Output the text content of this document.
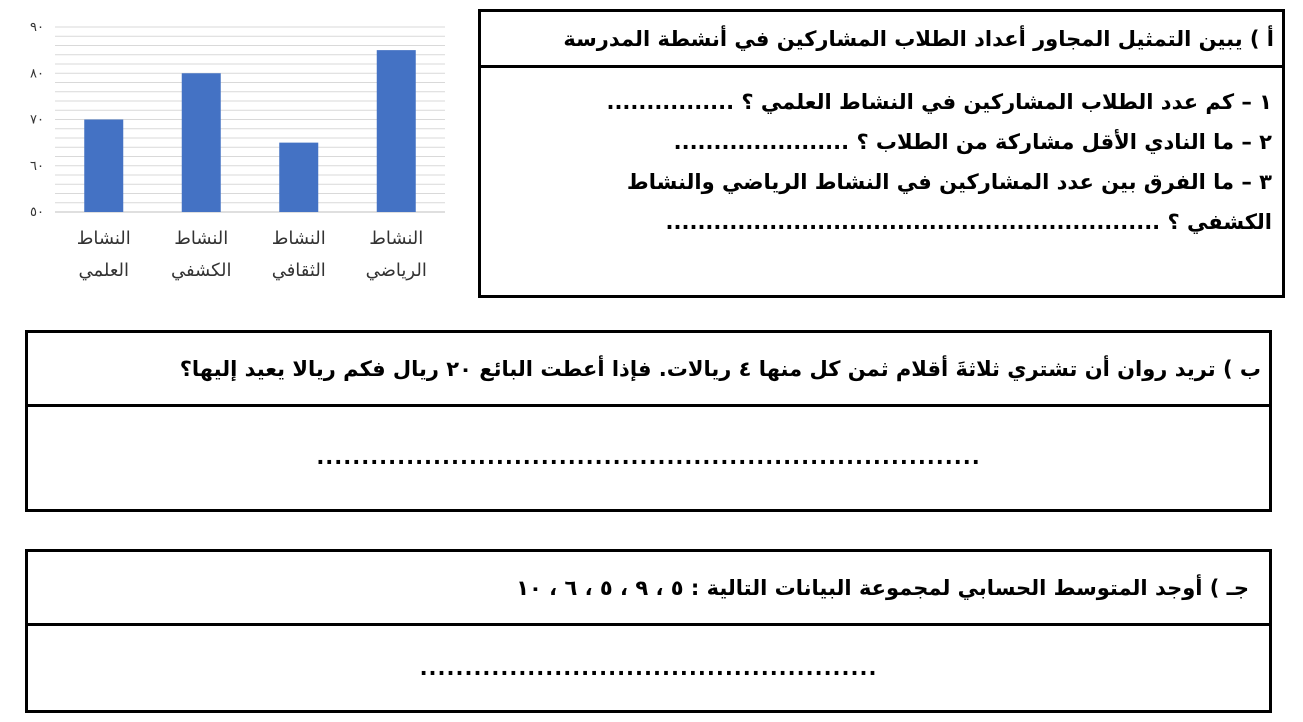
٥٠
٦٠
٧٠
٨٠
٩٠
النشاط
العلمي
النشاط
الكشفي
النشاط
الثقافي
النشاط
الرياضي
أ ) يبين التمثيل المجاور أعداد الطلاب المشاركين في أنشطة المدرسة
١ – كم عدد الطلاب المشاركين في النشاط العلمي ؟ ................
٢ – ما النادي الأقل مشاركة من الطلاب ؟ ......................
٣ – ما الفرق بين عدد المشاركين في النشاط الرياضي والنشاط
الكشفي ؟ ..............................................................
ب ) تريد روان أن تشتري ثلاثةَ أقلام ثمن كل منها ٤ ريالات. فإذا أعطت البائع ٢٠ ريال فكم ريالا يعيد إليها؟
..........................................................................
جـ ) أوجد المتوسط الحسابي لمجموعة البيانات التالية : ٥ ، ٩ ، ٥ ، ٦ ، ١٠
...................................................
